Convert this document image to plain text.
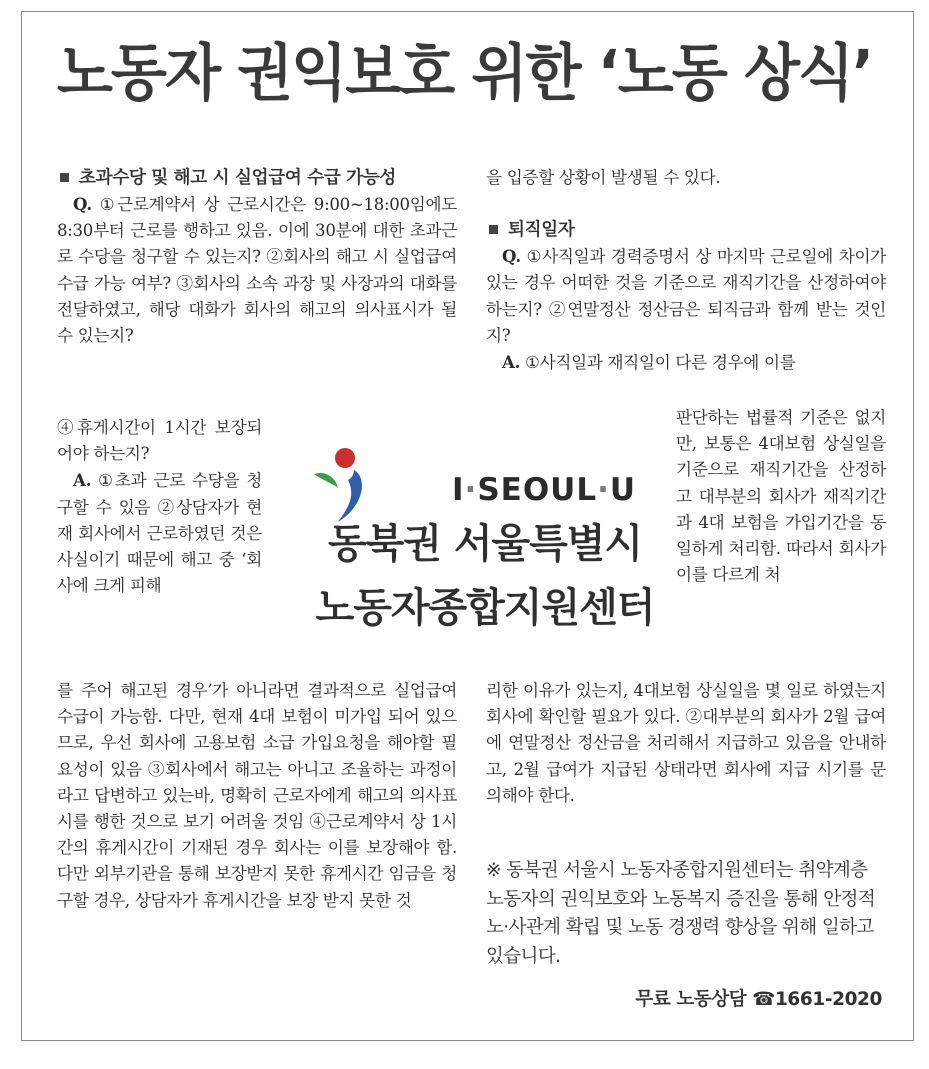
노동자 권익보호 위한 ‘노동 상식’

초과수당 및 해고 시 실업급여 수급 가능성

Q. ①근로계약서 상 근로시간은 9:00~18:00임에도 8:30부터 근로를 행하고 있음. 이에 30분에 대한 초과근로 수당을 청구할 수 있는지? ②회사의 해고 시 실업급여 수급 가능 여부? ③회사의 소속 과장 및 사장과의 대화를 전달하였고, 해당 대화가 회사의 해고의 의사표시가 될 수 있는지?

④휴게시간이 1시간 보장되어야 하는지?

A. ①초과 근로 수당을 청구할 수 있음 ②상담자가 현재 회사에서 근로하였던 것은 사실이기 때문에 해고 중 ‘회사에 크게 피해

를 주어 해고된 경우’가 아니라면 결과적으로 실업급여 수급이 가능함. 다만, 현재 4대 보험이 미가입 되어 있으므로, 우선 회사에 고용보험 소급 가입요청을 해야할 필요성이 있음 ③회사에서 해고는 아니고 조율하는 과정이라고 답변하고 있는바, 명확히 근로자에게 해고의 의사표시를 행한 것으로 보기 어려울 것임 ④근로계약서 상 1시간의 휴게시간이 기재된 경우 회사는 이를 보장해야 함. 다만 외부기관을 통해 보장받지 못한 휴게시간 임금을 청구할 경우, 상담자가 휴게시간을 보장 받지 못한 것
I·SEOUL·U
동북권 서울특별시
노동자종합지원센터

을 입증할 상황이 발생될 수 있다.

퇴직일자

Q. ①사직일과 경력증명서 상 마지막 근로일에 차이가 있는 경우 어떠한 것을 기준으로 재직기간을 산정하여야 하는지? ②연말정산 정산금은 퇴직금과 함께 받는 것인지?

A. ①사직일과 재직일이 다른 경우에 이를

판단하는 법률적 기준은 없지만, 보통은 4대보험 상실일을 기준으로 재직기간을 산정하고 대부분의 회사가 재직기간과 4대 보험을 가입기간을 동일하게 처리함. 따라서 회사가 이를 다르게 처
리한 이유가 있는지, 4대보험 상실일을 몇 일로 하였는지 회사에 확인할 필요가 있다. ②대부분의 회사가 2월 급여에 연말정산 정산금을 처리해서 지급하고 있음을 안내하고, 2월 급여가 지급된 상태라면 회사에 지급 시기를 문의해야 한다.
※ 동북권 서울시 노동자종합지원센터는 취약계층 노동자의 권익보호와 노동복지 증진을 통해 안정적 노·사관계 확립 및 노동 경쟁력 향상을 위해 일하고 있습니다.
무료 노동상담 ☎1661-2020
